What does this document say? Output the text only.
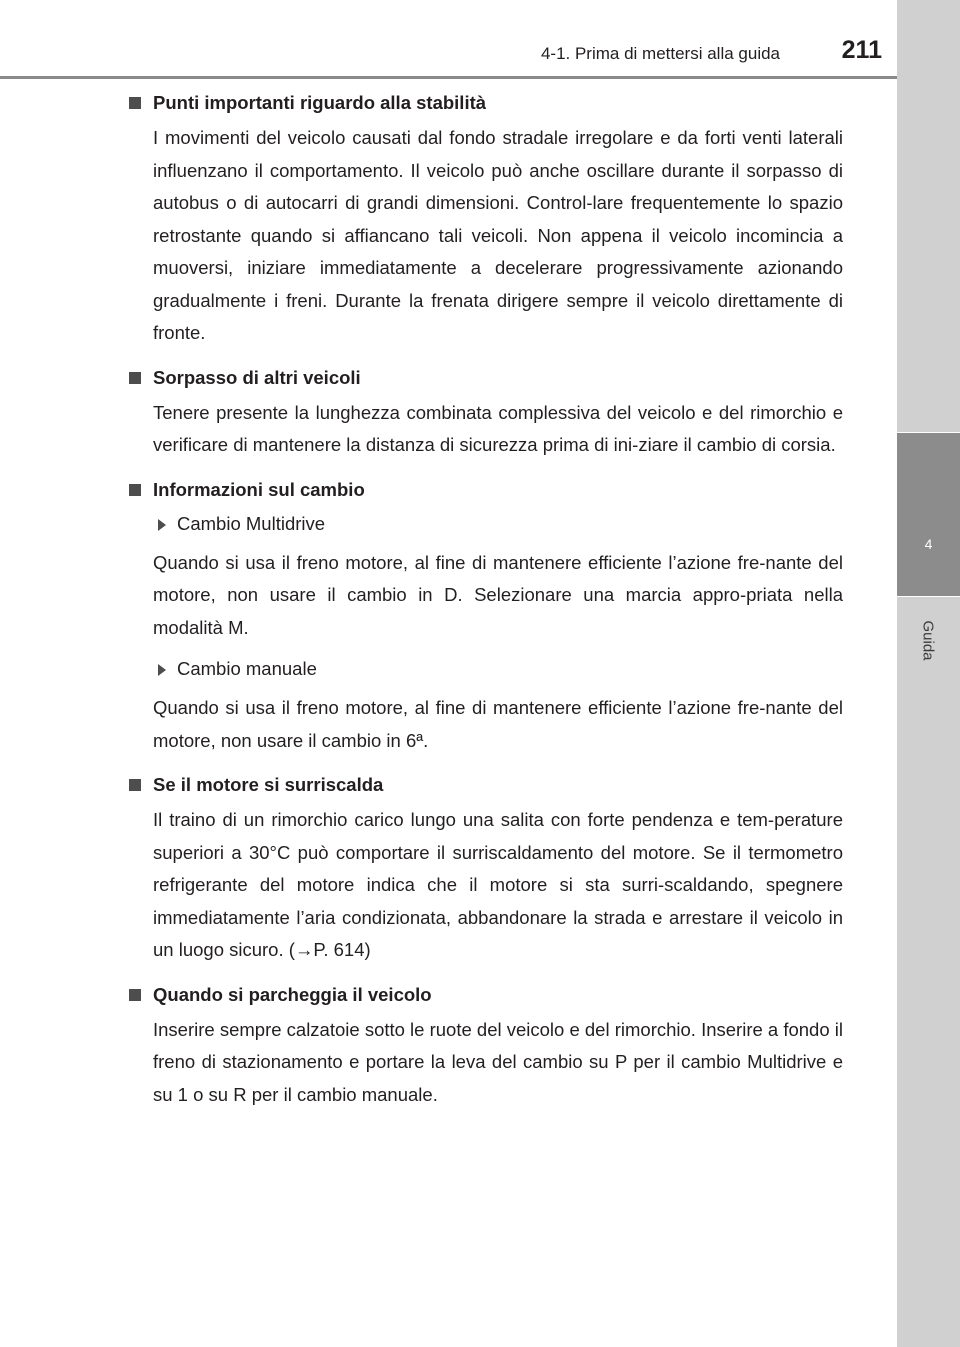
4-1. Prima di mettersi alla guida	211
4
Guida
Punti importanti riguardo alla stabilità
I movimenti del veicolo causati dal fondo stradale irregolare e da forti venti laterali influenzano il comportamento. Il veicolo può anche oscillare durante il sorpasso di autobus o di autocarri di grandi dimensioni. Control-lare frequentemente lo spazio retrostante quando si affiancano tali veicoli. Non appena il veicolo incomincia a muoversi, iniziare immediatamente a decelerare progressivamente azionando gradualmente i freni. Durante la frenata dirigere sempre il veicolo direttamente di fronte.
Sorpasso di altri veicoli
Tenere presente la lunghezza combinata complessiva del veicolo e del rimorchio e verificare di mantenere la distanza di sicurezza prima di ini-ziare il cambio di corsia.
Informazioni sul cambio
Cambio Multidrive
Quando si usa il freno motore, al fine di mantenere efficiente l’azione fre-nante del motore, non usare il cambio in D. Selezionare una marcia appro-priata nella modalità M.
Cambio manuale
Quando si usa il freno motore, al fine di mantenere efficiente l’azione fre-nante del motore, non usare il cambio in 6ª.
Se il motore si surriscalda
Il traino di un rimorchio carico lungo una salita con forte pendenza e tem-perature superiori a 30°C può comportare il surriscaldamento del motore. Se il termometro refrigerante del motore indica che il motore si sta surri-scaldando, spegnere immediatamente l’aria condizionata, abbandonare la strada e arrestare il veicolo in un luogo sicuro. (→P. 614)
Quando si parcheggia il veicolo
Inserire sempre calzatoie sotto le ruote del veicolo e del rimorchio. Inserire a fondo il freno di stazionamento e portare la leva del cambio su P per il cambio Multidrive e su 1 o su R per il cambio manuale.
